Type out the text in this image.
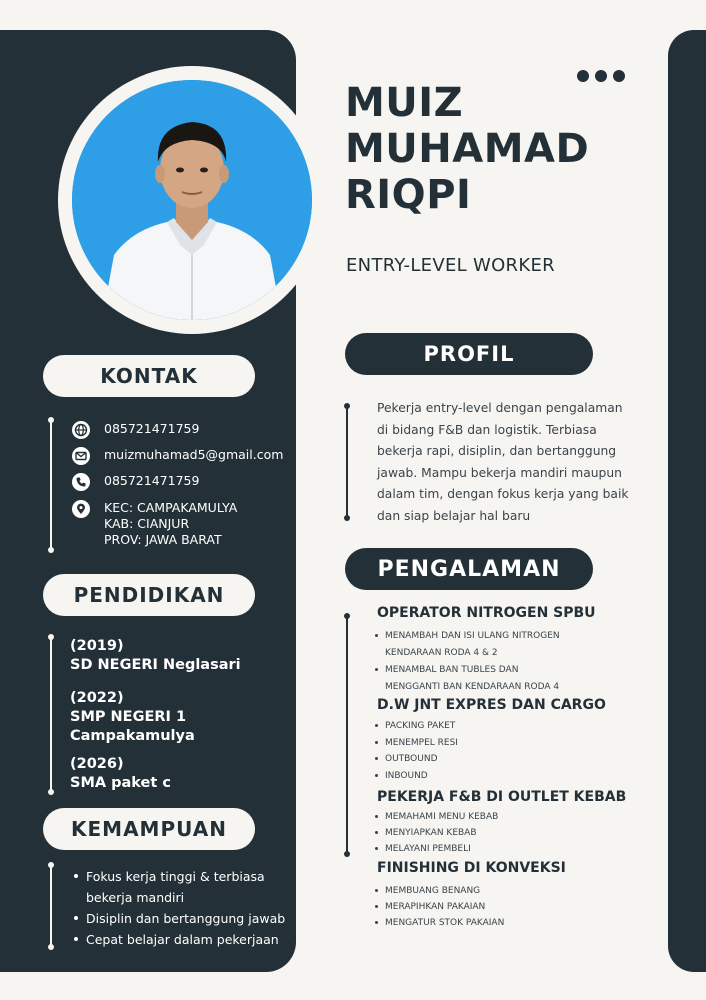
MUIZ
MUHAMAD
RIQPI
ENTRY-LEVEL WORKER
KONTAK
085721471759
muizmuhamad5@gmail.com
085721471759
KEC: CAMPAKAMULYA
KAB: CIANJUR
PROV: JAWA BARAT
PENDIDIKAN
(2019)
SD NEGERI Neglasari
(2022)
SMP NEGERI 1
Campakamulya
(2026)
SMA paket c
KEMAMPUAN
Fokus kerja tinggi & terbiasa
bekerja mandiri
Disiplin dan bertanggung jawab
Cepat belajar dalam pekerjaan
PROFIL
Pekerja entry-level dengan pengalaman
di bidang F&B dan logistik. Terbiasa
bekerja rapi, disiplin, dan bertanggung
jawab. Mampu bekerja mandiri maupun
dalam tim, dengan fokus kerja yang baik
dan siap belajar hal baru
PENGALAMAN
OPERATOR NITROGEN SPBU
MENAMBAH DAN ISI ULANG NITROGEN
KENDARAAN RODA 4 & 2
MENAMBAL BAN TUBLES DAN
MENGGANTI BAN KENDARAAN RODA 4
D.W JNT EXPRES DAN CARGO
PACKING PAKET
MENEMPEL RESI
OUTBOUND
INBOUND
PEKERJA F&B DI OUTLET KEBAB
MEMAHAMI MENU KEBAB
MENYIAPKAN KEBAB
MELAYANI PEMBELI
FINISHING DI KONVEKSI
MEMBUANG BENANG
MERAPIHKAN PAKAIAN
MENGATUR STOK PAKAIAN
